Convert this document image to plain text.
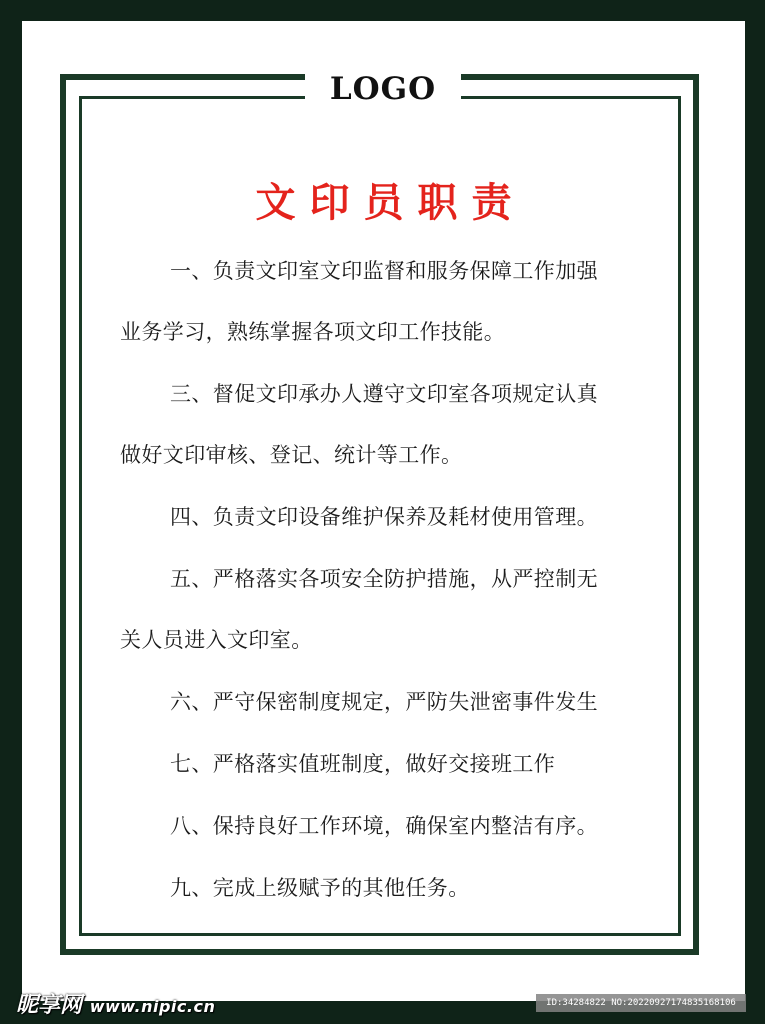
LOGO
文印员职责
一、负责文印室文印监督和服务保障工作加强
业务学习，熟练掌握各项文印工作技能。
三、督促文印承办人遵守文印室各项规定认真
做好文印审核、登记、统计等工作。
四、负责文印设备维护保养及耗材使用管理。
五、严格落实各项安全防护措施，从严控制无
关人员进入文印室。
六、严守保密制度规定，严防失泄密事件发生
七、严格落实值班制度，做好交接班工作
八、保持良好工作环境，确保室内整洁有序。
九、完成上级赋予的其他任务。
昵享网 www.nipic.cn	ID:34284822 NO:20220927174835168106
